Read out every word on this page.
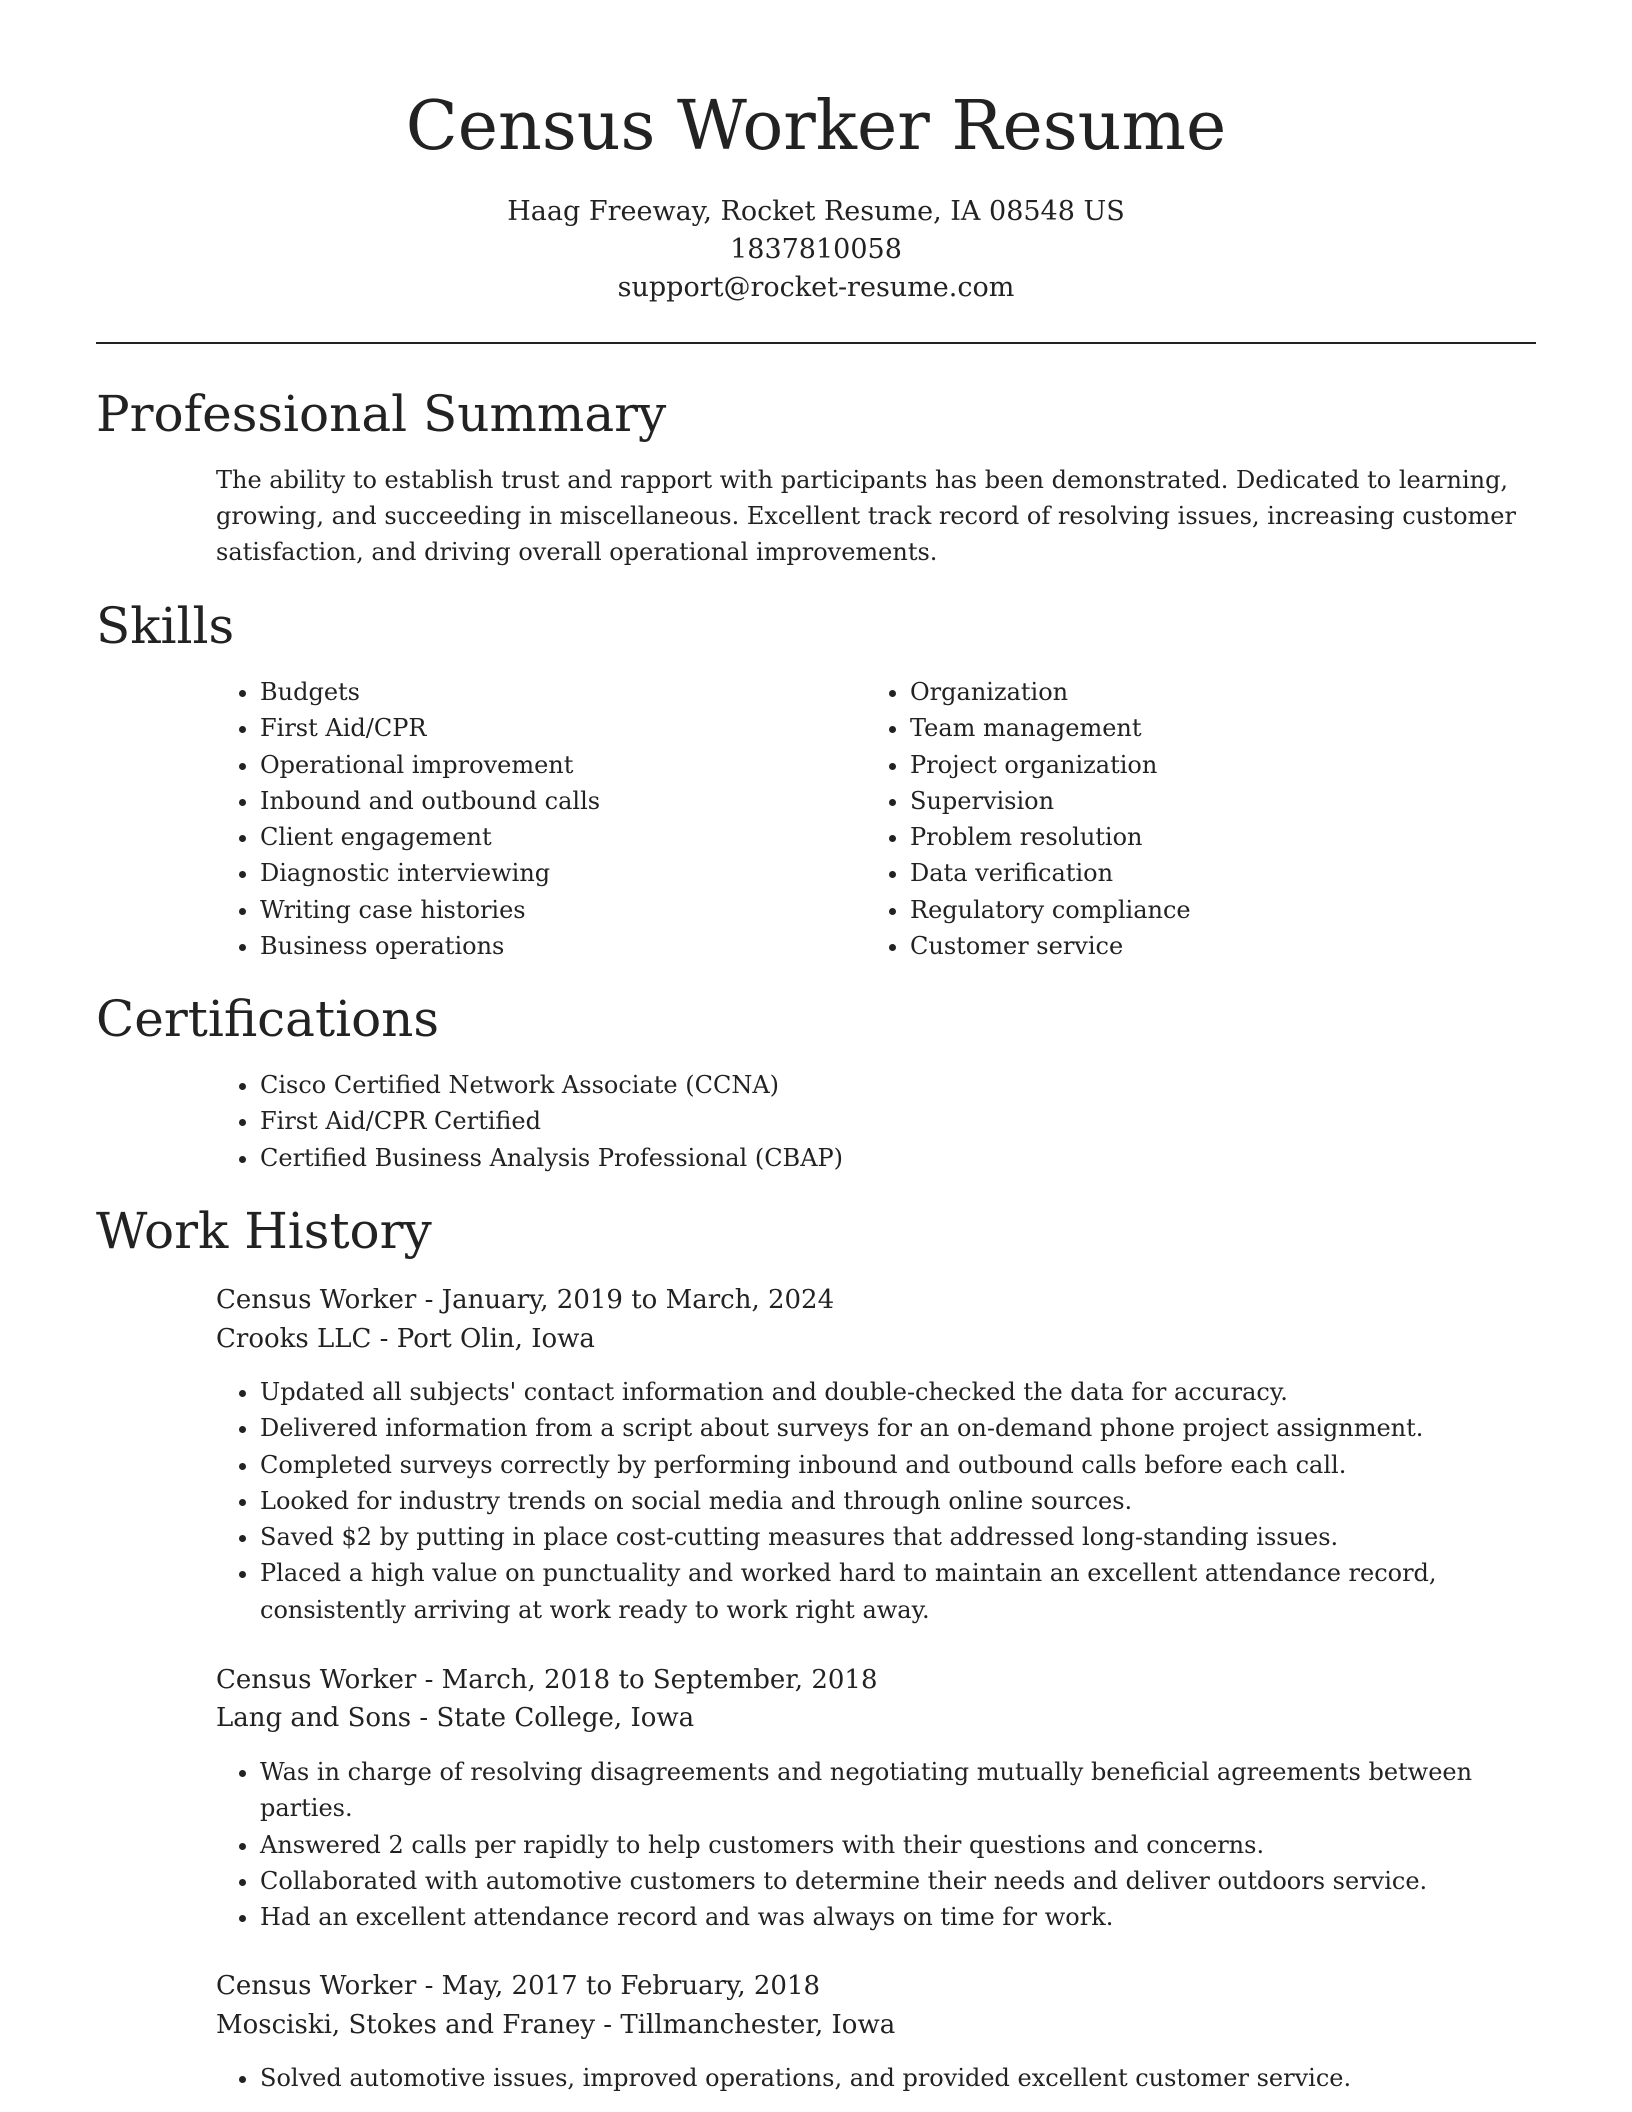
Census Worker Resume
Haag Freeway, Rocket Resume, IA 08548 US
1837810058
support@rocket-resume.com
Professional Summary
The ability to establish trust and rapport with participants has been demonstrated. Dedicated to learning, growing, and succeeding in miscellaneous. Excellent track record of resolving issues, increasing customer satisfaction, and driving overall operational improvements.
Skills
• Budgets
• First Aid/CPR
• Operational improvement
• Inbound and outbound calls
• Client engagement
• Diagnostic interviewing
• Writing case histories
• Business operations
• Organization
• Team management
• Project organization
• Supervision
• Problem resolution
• Data verification
• Regulatory compliance
• Customer service
Certifications
• Cisco Certified Network Associate (CCNA)
• First Aid/CPR Certified
• Certified Business Analysis Professional (CBAP)
Work History
Census Worker - January, 2019 to March, 2024
Crooks LLC - Port Olin, Iowa
• Updated all subjects' contact information and double-checked the data for accuracy.
• Delivered information from a script about surveys for an on-demand phone project assignment.
• Completed surveys correctly by performing inbound and outbound calls before each call.
• Looked for industry trends on social media and through online sources.
• Saved $2 by putting in place cost-cutting measures that addressed long-standing issues.
• Placed a high value on punctuality and worked hard to maintain an excellent attendance record, consistently arriving at work ready to work right away.
Census Worker - March, 2018 to September, 2018
Lang and Sons - State College, Iowa
• Was in charge of resolving disagreements and negotiating mutually beneficial agreements between parties.
• Answered 2 calls per rapidly to help customers with their questions and concerns.
• Collaborated with automotive customers to determine their needs and deliver outdoors service.
• Had an excellent attendance record and was always on time for work.
Census Worker - May, 2017 to February, 2018
Mosciski, Stokes and Franey - Tillmanchester, Iowa
• Solved automotive issues, improved operations, and provided excellent customer service.
